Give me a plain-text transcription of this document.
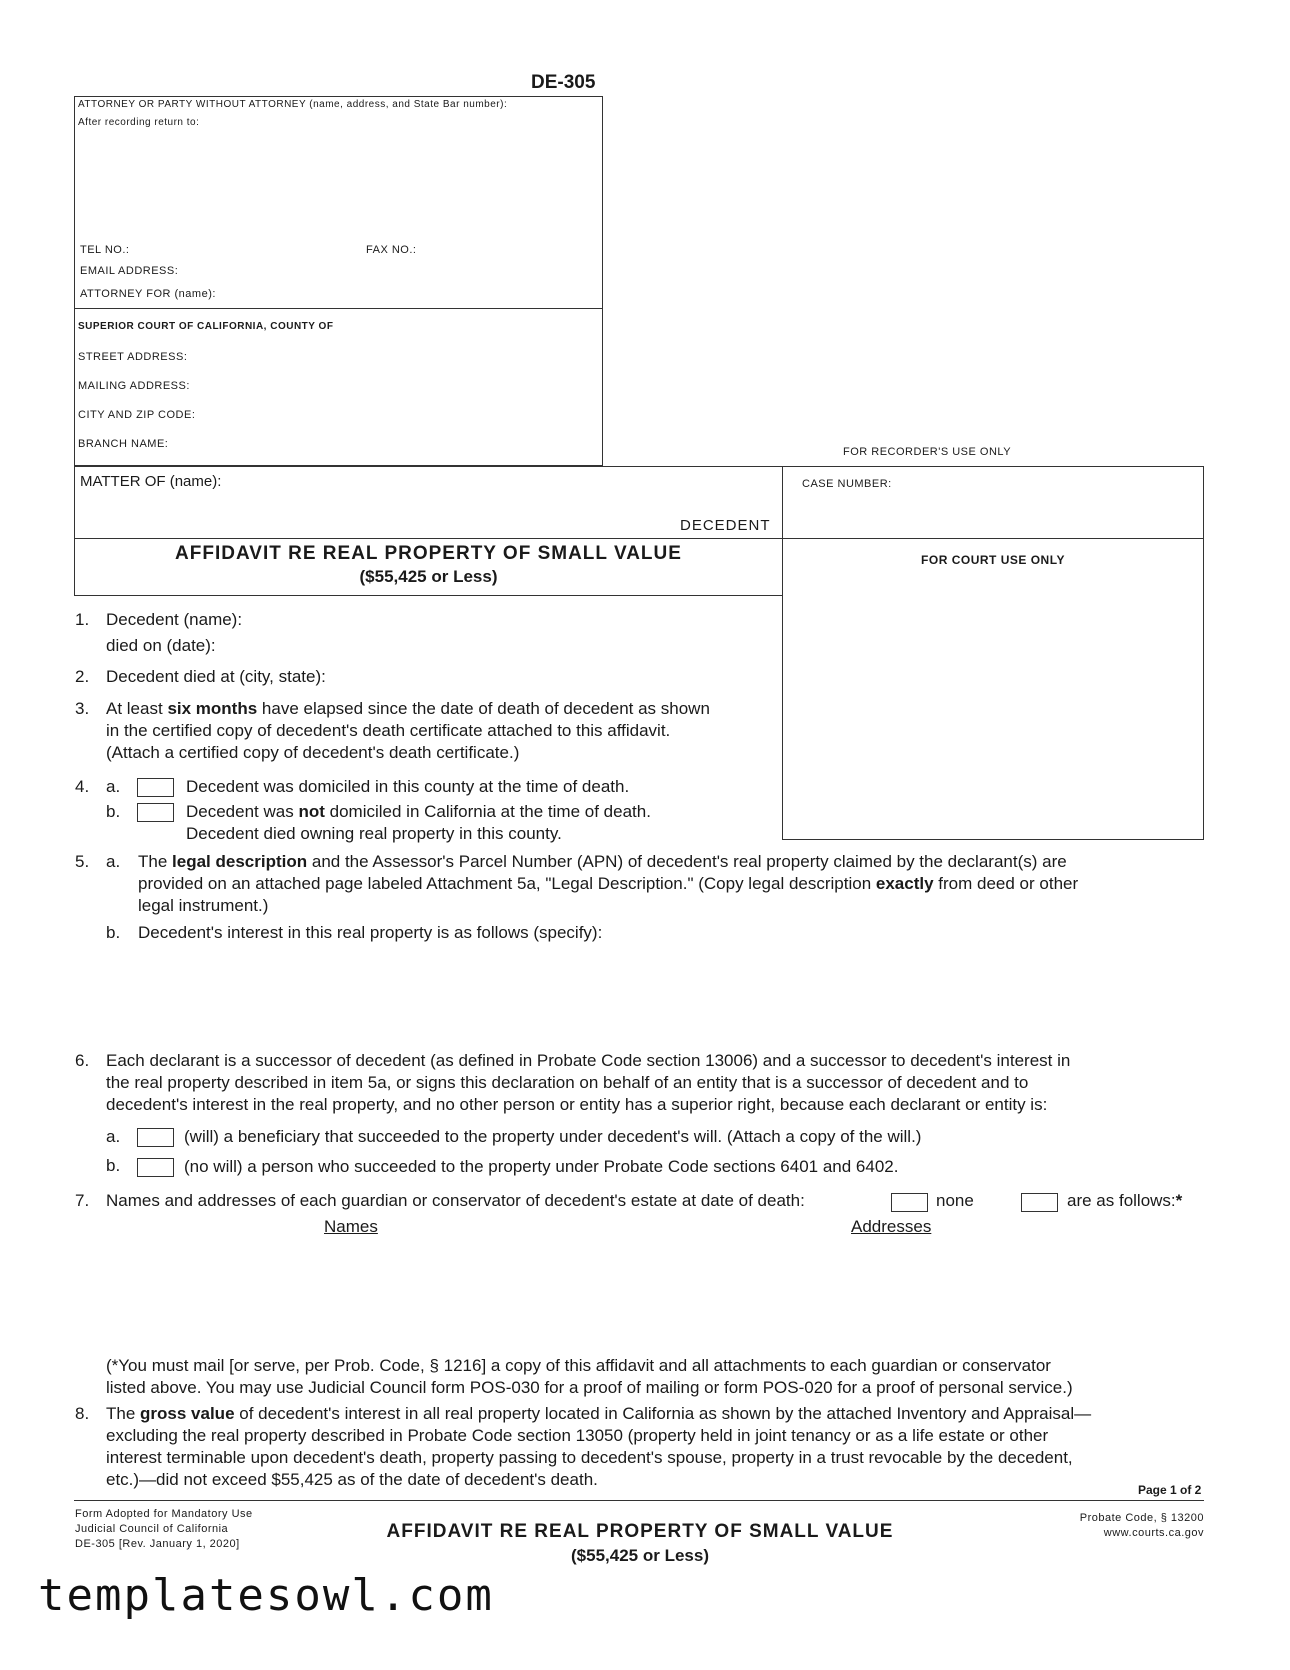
DE-305
ATTORNEY OR PARTY WITHOUT ATTORNEY (name, address, and State Bar number):
After recording return to:
TEL NO.:	FAX NO.:
EMAIL ADDRESS:
ATTORNEY FOR (name):
SUPERIOR COURT OF CALIFORNIA, COUNTY OF
STREET ADDRESS:
MAILING ADDRESS:
CITY AND ZIP CODE:
BRANCH NAME:
FOR RECORDER'S USE ONLY
MATTER OF (name):
DECEDENT
CASE NUMBER:
AFFIDAVIT RE REAL PROPERTY OF SMALL VALUE
($55,425 or Less)
FOR COURT USE ONLY
1. Decedent (name):
died on (date):
2. Decedent died at (city, state):
3. At least six months have elapsed since the date of death of decedent as shown
in the certified copy of decedent's death certificate attached to this affidavit.
(Attach a certified copy of decedent's death certificate.)
4. a.	Decedent was domiciled in this county at the time of death.
b.	Decedent was not domiciled in California at the time of death.
Decedent died owning real property in this county.
5. a. The legal description and the Assessor's Parcel Number (APN) of decedent's real property claimed by the declarant(s) are
provided on an attached page labeled Attachment 5a, "Legal Description." (Copy legal description exactly from deed or other
legal instrument.)
b. Decedent's interest in this real property is as follows (specify):
6. Each declarant is a successor of decedent (as defined in Probate Code section 13006) and a successor to decedent's interest in
the real property described in item 5a, or signs this declaration on behalf of an entity that is a successor of decedent and to
decedent's interest in the real property, and no other person or entity has a superior right, because each declarant or entity is:
a.	(will) a beneficiary that succeeded to the property under decedent's will. (Attach a copy of the will.)
b.	(no will) a person who succeeded to the property under Probate Code sections 6401 and 6402.
7. Names and addresses of each guardian or conservator of decedent's estate at date of death:	none	are as follows:*
Names	Addresses
(*You must mail [or serve, per Prob. Code, § 1216] a copy of this affidavit and all attachments to each guardian or conservator
listed above. You may use Judicial Council form POS-030 for a proof of mailing or form POS-020 for a proof of personal service.)
8. The gross value of decedent's interest in all real property located in California as shown by the attached Inventory and Appraisal—
excluding the real property described in Probate Code section 13050 (property held in joint tenancy or as a life estate or other
interest terminable upon decedent's death, property passing to decedent's spouse, property in a trust revocable by the decedent,
etc.)—did not exceed $55,425 as of the date of decedent's death.
Page 1 of 2
Form Adopted for Mandatory Use
Judicial Council of California
DE-305 [Rev. January 1, 2020]
AFFIDAVIT RE REAL PROPERTY OF SMALL VALUE
($55,425 or Less)
Probate Code, § 13200
www.courts.ca.gov
templatesowl.com
